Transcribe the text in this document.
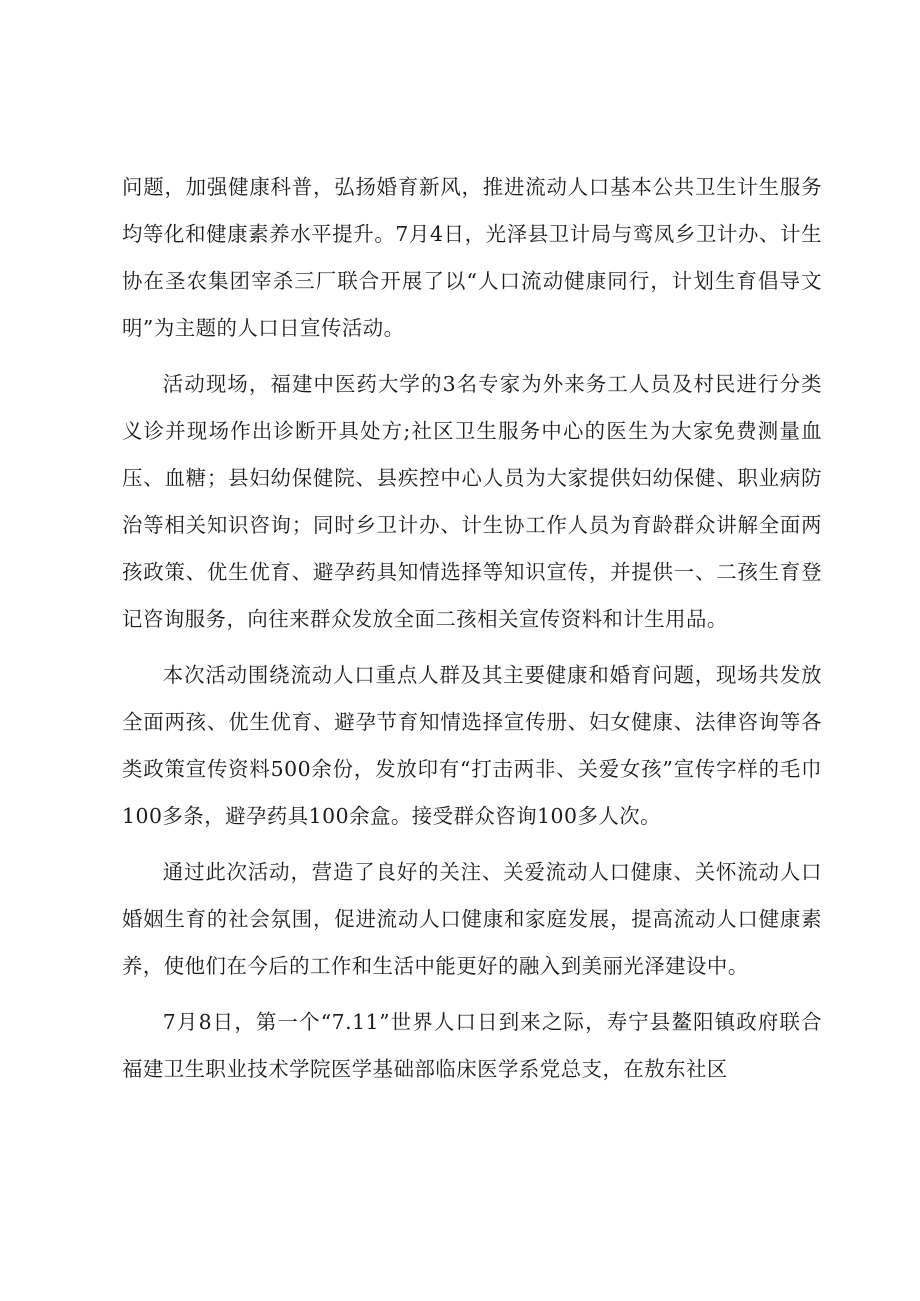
问题，加强健康科普，弘扬婚育新风，推进流动人口基本公共卫生计生服务均等化和健康素养水平提升。7月4日，光泽县卫计局与鸾凤乡卫计办、计生协在圣农集团宰杀三厂联合开展了以“人口流动健康同行，计划生育倡导文明”为主题的人口日宣传活动。

活动现场，福建中医药大学的3名专家为外来务工人员及村民进行分类义诊并现场作出诊断开具处方;社区卫生服务中心的医生为大家免费测量血压、血糖；县妇幼保健院、县疾控中心人员为大家提供妇幼保健、职业病防治等相关知识咨询；同时乡卫计办、计生协工作人员为育龄群众讲解全面两孩政策、优生优育、避孕药具知情选择等知识宣传，并提供一、二孩生育登记咨询服务，向往来群众发放全面二孩相关宣传资料和计生用品。

本次活动围绕流动人口重点人群及其主要健康和婚育问题，现场共发放全面两孩、优生优育、避孕节育知情选择宣传册、妇女健康、法律咨询等各类政策宣传资料500余份，发放印有“打击两非、关爱女孩”宣传字样的毛巾100多条，避孕药具100余盒。接受群众咨询100多人次。

通过此次活动，营造了良好的关注、关爱流动人口健康、关怀流动人口婚姻生育的社会氛围，促进流动人口健康和家庭发展，提高流动人口健康素养，使他们在今后的工作和生活中能更好的融入到美丽光泽建设中。

7月8日，第一个“7.11”世界人口日到来之际，寿宁县鳌阳镇政府联合福建卫生职业技术学院医学基础部临床医学系党总支，在敖东社区
